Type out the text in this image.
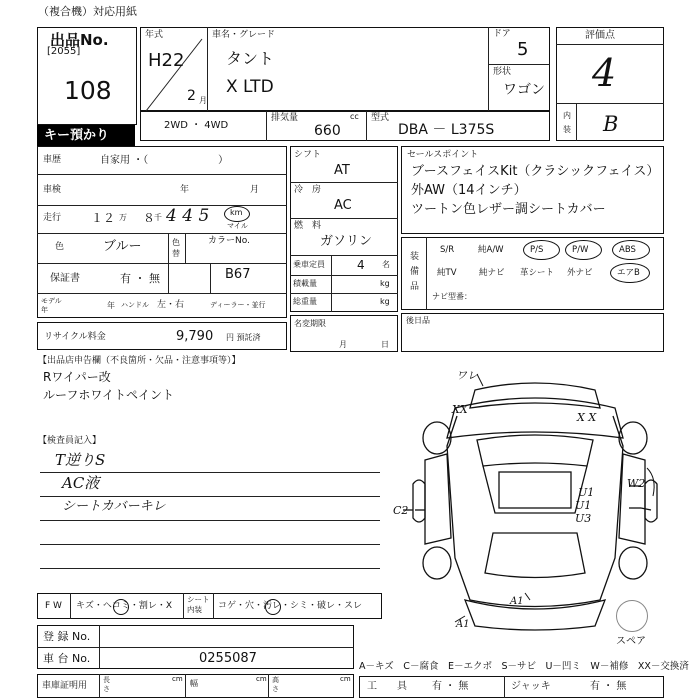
（複合機）対応用紙
出品No.
[2055]
108
キー預かり
年式
H22
2 月
車名・グレード
タント
X LTD
ドア
5
形状
ワゴン
評価点
4
内
装 B
2WD ・ 4WD
排気量	cc
660
型式
DBA － L375S
車歴	自家用 ・（　　　　　　　）
車検	年	月
走行 １２ 万 ８
千 4 4 5	km
マイル
色	ブルー	色
替
カラーNo.
B67
保証書	有 ・ 無
モデル
年	年 ハンドル 左・右	ディーラー・並行
リサイクル料金	9,790 円 預託済
シフト
AT
冷　房
AC
燃　料
ガソリン
乗車定員	4 名
積載量	kg
総重量	kg
名変期限
月	日
セールスポイント
ブースフェイスKit（クラシックフェイス）
外AW（14インチ）
ツートン色レザー調シートカバー
装
備
品
S/R	純A/W	P/S	P/W	ABS
純TV	純ナビ 革シート 外ナビ	エアB
ナビ型番：
後日品
【出品店申告欄（不良箇所・欠品・注意事項等）】
Rワイパー改
ルーフホワイトペイント
【検査員記入】
T逆りS
AC液
シートカバーキレ
ワレ
XX
X X
C2
U1
U1
U3
W2
A1
A1
スペア
F W キズ・ヘコミ・割レ・X
シート
内装	コゲ・穴・汚レ・シミ・破レ・スレ
登 録 No.
車 台 No.	0255087
車庫証明用
長
さ
cm 幅	cm 高
さ
cm
A－キズ　C－腐食　E－エクボ　S－サビ　U－凹ミ　W－補修　XX－交換済
工　　具	有 ・ 無	ジャッキ	有 ・ 無
